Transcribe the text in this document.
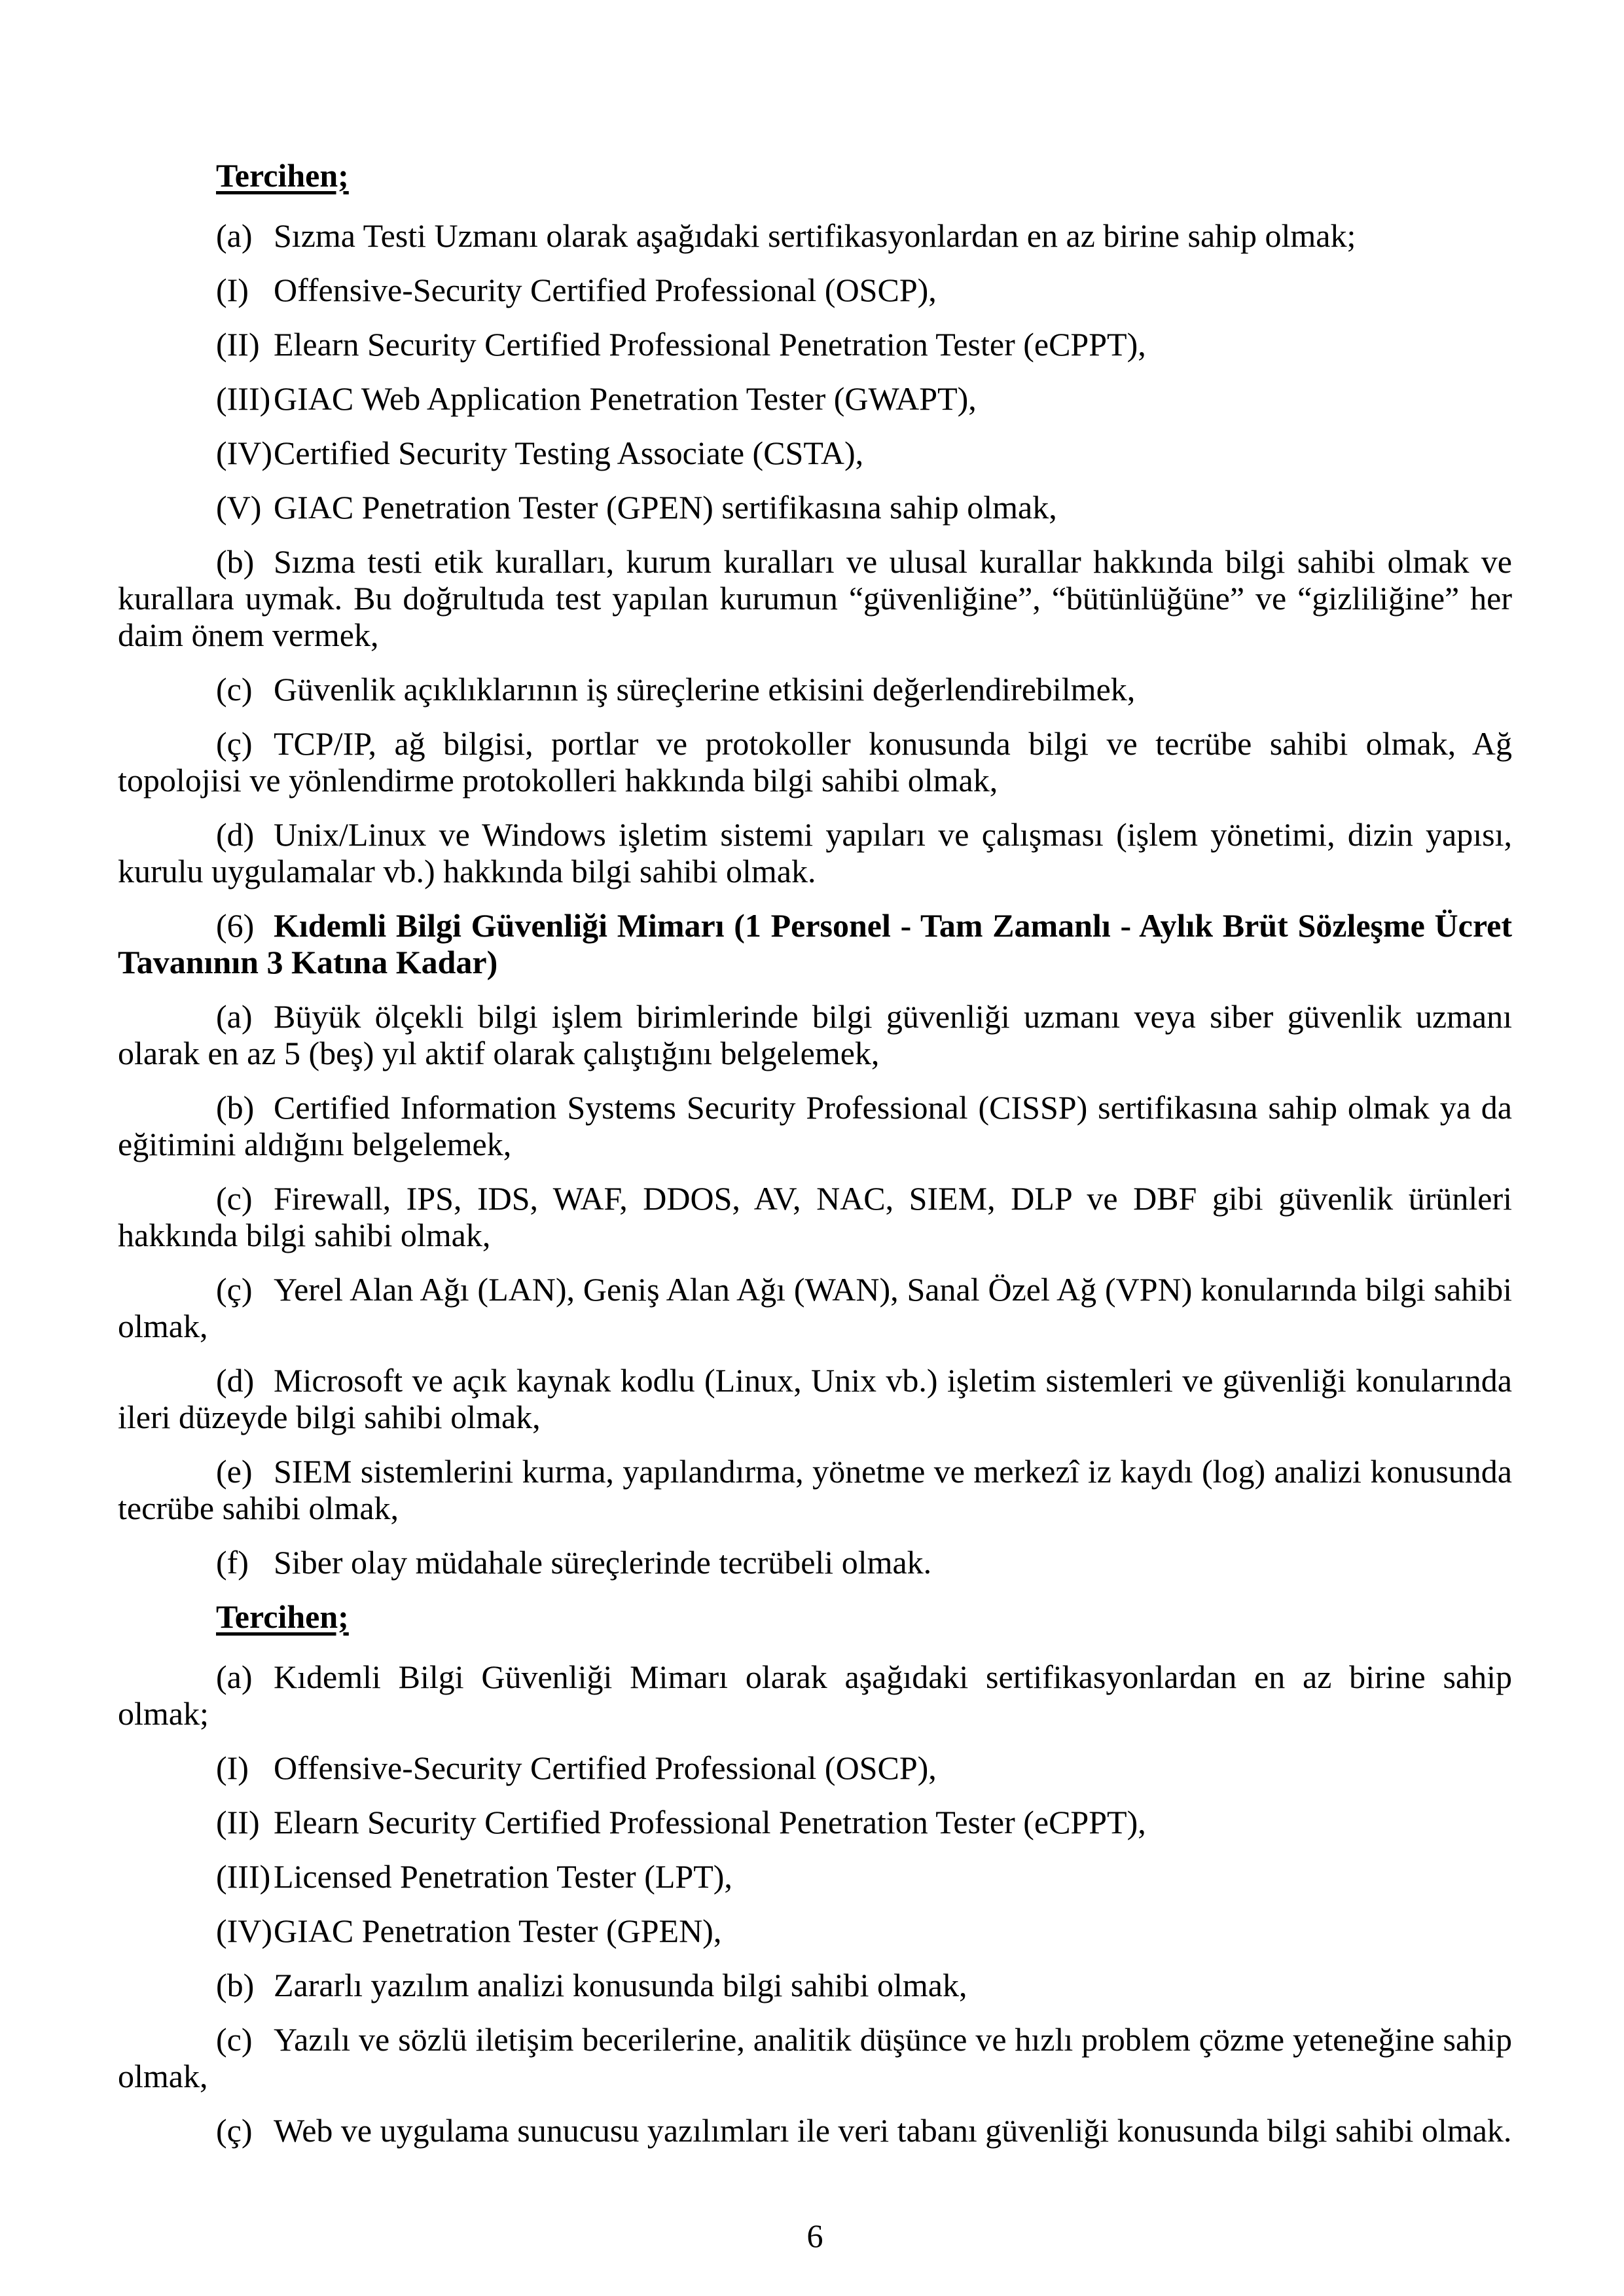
Tercihen;

(a) Sızma Testi Uzmanı olarak aşağıdaki sertifikasyonlardan en az birine sahip olmak;

(I) Offensive-Security Certified Professional (OSCP),

(II) Elearn Security Certified Professional Penetration Tester (eCPPT),

(III)GIAC Web Application Penetration Tester (GWAPT),

(IV)Certified Security Testing Associate (CSTA),

(V) GIAC Penetration Tester (GPEN) sertifikasına sahip olmak,

(b) Sızma testi etik kuralları, kurum kuralları ve ulusal kurallar hakkında bilgi sahibi olmak ve kurallara uymak. Bu doğrultuda test yapılan kurumun “güvenliğine”, “bütünlüğüne” ve “gizliliğine” her daim önem vermek,

(c) Güvenlik açıklıklarının iş süreçlerine etkisini değerlendirebilmek,

(ç) TCP/IP, ağ bilgisi, portlar ve protokoller konusunda bilgi ve tecrübe sahibi olmak, Ağ topolojisi ve yönlendirme protokolleri hakkında bilgi sahibi olmak,

(d) Unix/Linux ve Windows işletim sistemi yapıları ve çalışması (işlem yönetimi, dizin yapısı, kurulu uygulamalar vb.) hakkında bilgi sahibi olmak.

(6) Kıdemli Bilgi Güvenliği Mimarı (1 Personel - Tam Zamanlı - Aylık Brüt Sözleşme Ücret Tavanının 3 Katına Kadar)

(a) Büyük ölçekli bilgi işlem birimlerinde bilgi güvenliği uzmanı veya siber güvenlik uzmanı olarak en az 5 (beş) yıl aktif olarak çalıştığını belgelemek,

(b) Certified Information Systems Security Professional (CISSP) sertifikasına sahip olmak ya da eğitimini aldığını belgelemek,

(c) Firewall, IPS, IDS, WAF, DDOS, AV, NAC, SIEM, DLP ve DBF gibi güvenlik ürünleri hakkında bilgi sahibi olmak,

(ç) Yerel Alan Ağı (LAN), Geniş Alan Ağı (WAN), Sanal Özel Ağ (VPN) konularında bilgi sahibi olmak,

(d) Microsoft ve açık kaynak kodlu (Linux, Unix vb.) işletim sistemleri ve güvenliği konularında ileri düzeyde bilgi sahibi olmak,

(e) SIEM sistemlerini kurma, yapılandırma, yönetme ve merkezî iz kaydı (log) analizi konusunda tecrübe sahibi olmak,

(f) Siber olay müdahale süreçlerinde tecrübeli olmak.

Tercihen;

(a) Kıdemli Bilgi Güvenliği Mimarı olarak aşağıdaki sertifikasyonlardan en az birine sahip olmak;

(I) Offensive-Security Certified Professional (OSCP),

(II) Elearn Security Certified Professional Penetration Tester (eCPPT),

(III)Licensed Penetration Tester (LPT),

(IV)GIAC Penetration Tester (GPEN),

(b) Zararlı yazılım analizi konusunda bilgi sahibi olmak,

(c) Yazılı ve sözlü iletişim becerilerine, analitik düşünce ve hızlı problem çözme yeteneğine sahip olmak,

(ç) Web ve uygulama sunucusu yazılımları ile veri tabanı güvenliği konusunda bilgi sahibi olmak.

6
